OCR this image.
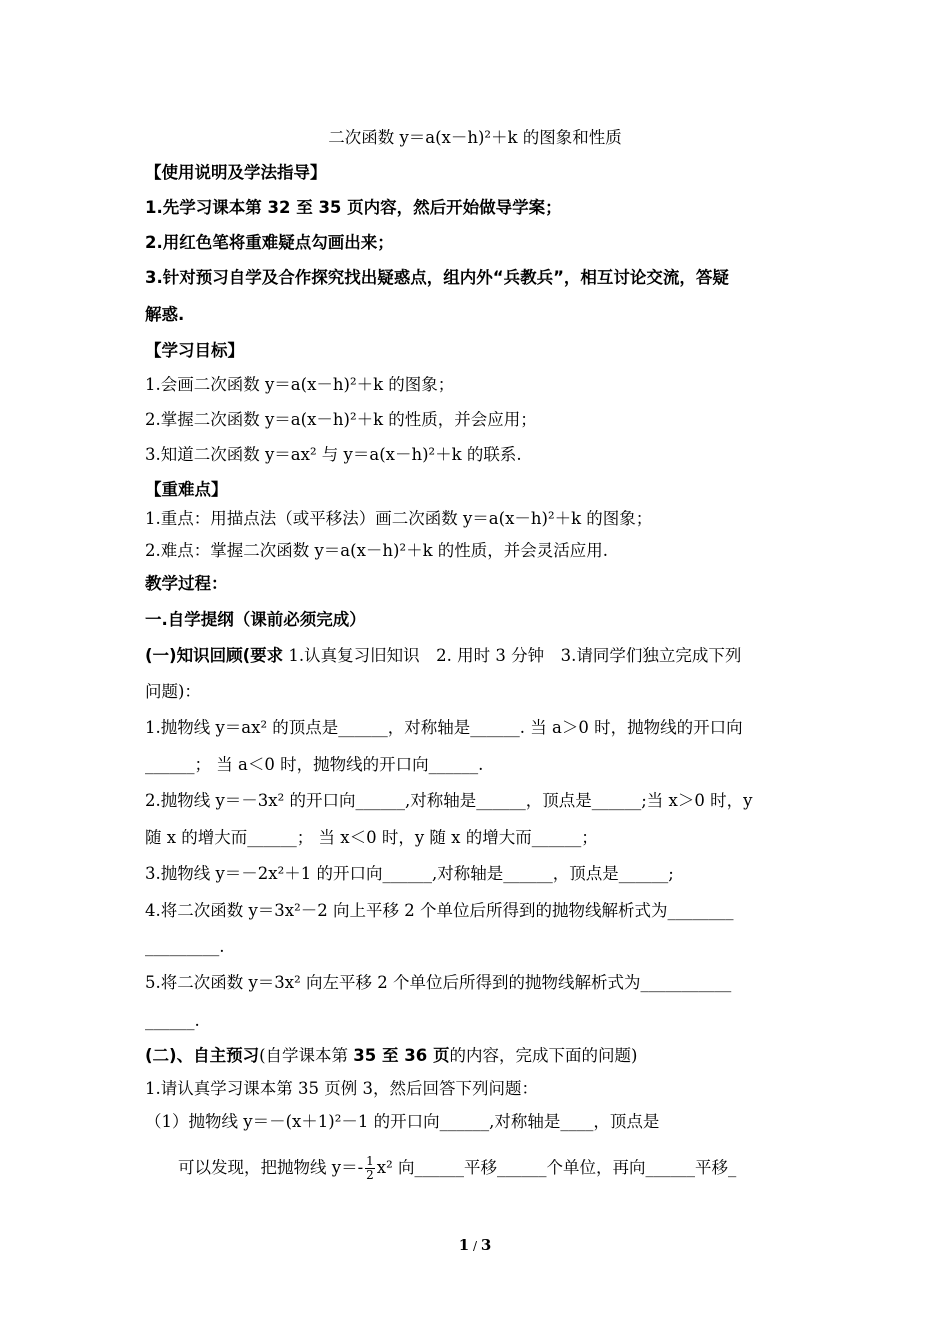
二次函数 y＝a(x－h)²＋k 的图象和性质
【使用说明及学法指导】
1.先学习课本第 32 至 35 页内容，然后开始做导学案；
2.用红色笔将重难疑点勾画出来；
3.针对预习自学及合作探究找出疑惑点，组内外“兵教兵”，相互讨论交流，答疑
解惑.
【学习目标】
1.会画二次函数 y＝a(x－h)²＋k 的图象；
2.掌握二次函数 y＝a(x－h)²＋k 的性质，并会应用；
3.知道二次函数 y＝ax² 与 y＝a(x－h)²＋k 的联系.
【重难点】
1.重点：用描点法（或平移法）画二次函数 y＝a(x－h)²＋k 的图象；
2.难点：掌握二次函数 y＝a(x－h)²＋k 的性质，并会灵活应用.
教学过程：
一.自学提纲（课前必须完成）
(一)知识回顾(要求 1.认真复习旧知识　2. 用时 3 分钟　3.请同学们独立完成下列
问题)：
1.抛物线 y＝ax² 的顶点是______，对称轴是______. 当 a＞0 时，抛物线的开口向
______； 当 a＜0 时，抛物线的开口向______.
2.抛物线 y＝－3x² 的开口向______,对称轴是______，顶点是______;当 x＞0 时，y
随 x 的增大而______； 当 x＜0 时，y 随 x 的增大而______；
3.抛物线 y＝－2x²＋1 的开口向______,对称轴是______，顶点是______;
4.将二次函数 y＝3x²－2 向上平移 2 个单位后所得到的抛物线解析式为________
_________.
5.将二次函数 y＝3x² 向左平移 2 个单位后所得到的抛物线解析式为___________
______.
(二)、自主预习(自学课本第 35 至 36 页的内容，完成下面的问题)
1.请认真学习课本第 35 页例 3，然后回答下列问题：
（1）抛物线 y＝－(x＋1)²－1 的开口向______,对称轴是____，顶点是
可以发现，把抛物线 $y=- \frac{1}{2} x^2$ 向______平移______个单位，再向______平移_
1 / 3
